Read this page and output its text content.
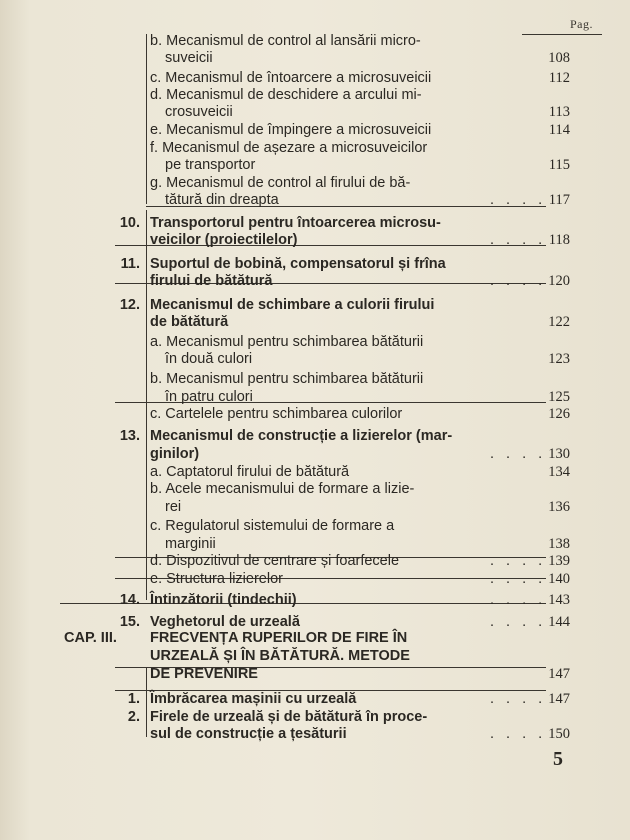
Pag.
b. Mecanismul de control al lansării micro-
suveicii	108
c. Mecanismul de întoarcere a microsuveicii	112
d. Mecanismul de deschidere a arcului mi-
crosuveicii	113
e. Mecanismul de împingere a microsuveicii	114
f. Mecanismul de așezare a microsuveicilor
pe transportor	115
g. Mecanismul de control al firului de bă-
tătură din dreapta	. . . . 117
10. Transportorul pentru întoarcerea microsu-
veicilor (proiectilelor)	. . . . 118
11. Suportul de bobină, compensatorul și frîna
firului de bătătură	. . . . 120
12. Mecanismul de schimbare a culorii firului
de bătătură	122
a. Mecanismul pentru schimbarea bătăturii
în două culori	123
b. Mecanismul pentru schimbarea bătăturii
în patru culori	125
c. Cartelele pentru schimbarea culorilor	126
13. Mecanismul de construcție a lizierelor (mar-
ginilor)	. . . . 130
a. Captatorul firului de bătătură	134
b. Acele mecanismului de formare a lizie-
rei	136
c. Regulatorul sistemului de formare a
marginii	138
d. Dispozitivul de centrare și foarfecele	. . . . 139
e. Structura lizierelor	. . . . 140
14. Întinzătorii (tindechii)	. . . . 143
15. Veghetorul de urzeală	. . . . 144
CAP. III. FRECVENȚA RUPERILOR DE FIRE ÎN
URZEALĂ ȘI ÎN BĂTĂTURĂ. METODE
DE PREVENIRE	147
1. Îmbrăcarea mașinii cu urzeală	. . . . 147
2. Firele de urzeală și de bătătură în proce-
sul de construcție a țesăturii	. . . . 150
5
